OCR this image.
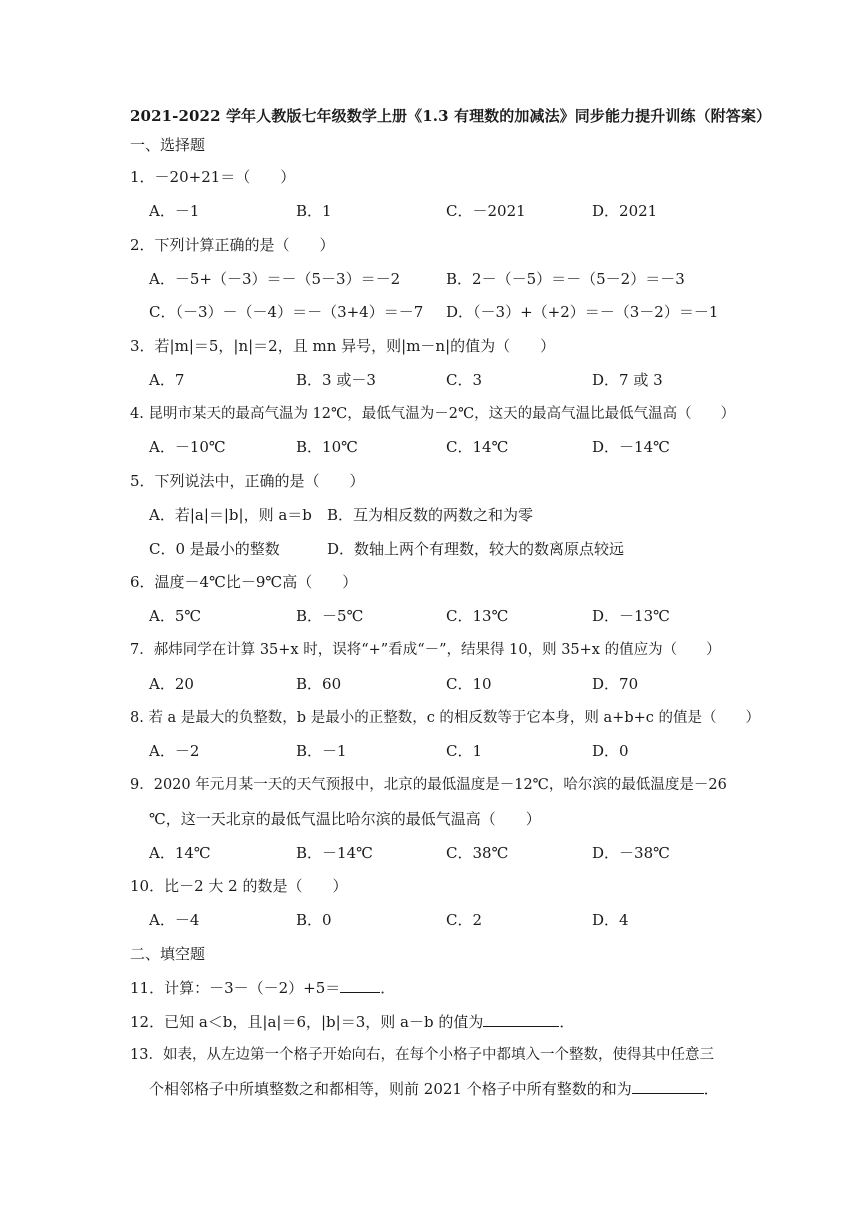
2021-2022 学年人教版七年级数学上册《1.3 有理数的加减法》同步能力提升训练（附答案）
一、选择题
1．－20+21＝（　　）
A．－1	B．1	C．－2021	D．2021
2．下列计算正确的是（　　）
A．－5+（－3）＝－（5－3）＝－2	B．2－（－5）＝－（5－2）＝－3
C．（－3）－（－4）＝－（3+4）＝－7 D．（－3）+（+2）＝－（3－2）＝－1
3．若|m|＝5，|n|＝2，且 mn 异号，则|m－n|的值为（　　）
A．7	B．3 或－3	C．3	D．7 或 3
4. 昆明市某天的最高气温为 12℃，最低气温为－2℃，这天的最高气温比最低气温高（　　）
A．－10℃	B．10℃	C．14℃	D．－14℃
5．下列说法中，正确的是（　　）
A．若|a|＝|b|，则 a＝b B．互为相反数的两数之和为零
C．0 是最小的整数	D．数轴上两个有理数，较大的数离原点较远
6．温度－4℃比－9℃高（　　）
A．5℃	B．－5℃	C．13℃	D．－13℃
7．郝炜同学在计算 35+x 时，误将“+”看成“－”，结果得 10，则 35+x 的值应为（　　）
A．20	B．60	C．10	D．70
8. 若 a 是最大的负整数，b 是最小的正整数，c 的相反数等于它本身，则 a+b+c 的值是（　　）
A．－2	B．－1	C．1	D．0
9．2020 年元月某一天的天气预报中，北京的最低温度是－12℃，哈尔滨的最低温度是－26
℃，这一天北京的最低气温比哈尔滨的最低气温高（　　）
A．14℃	B．－14℃	C．38℃	D．－38℃
10．比－2 大 2 的数是（　　）
A．－4	B．0	C．2	D．4
二、填空题
11．计算：－3－（－2）+5＝	．
12．已知 a＜b，且|a|＝6，|b|＝3，则 a－b 的值为	．
13．如表，从左边第一个格子开始向右，在每个小格子中都填入一个整数，使得其中任意三
个相邻格子中所填整数之和都相等，则前 2021 个格子中所有整数的和为	．
